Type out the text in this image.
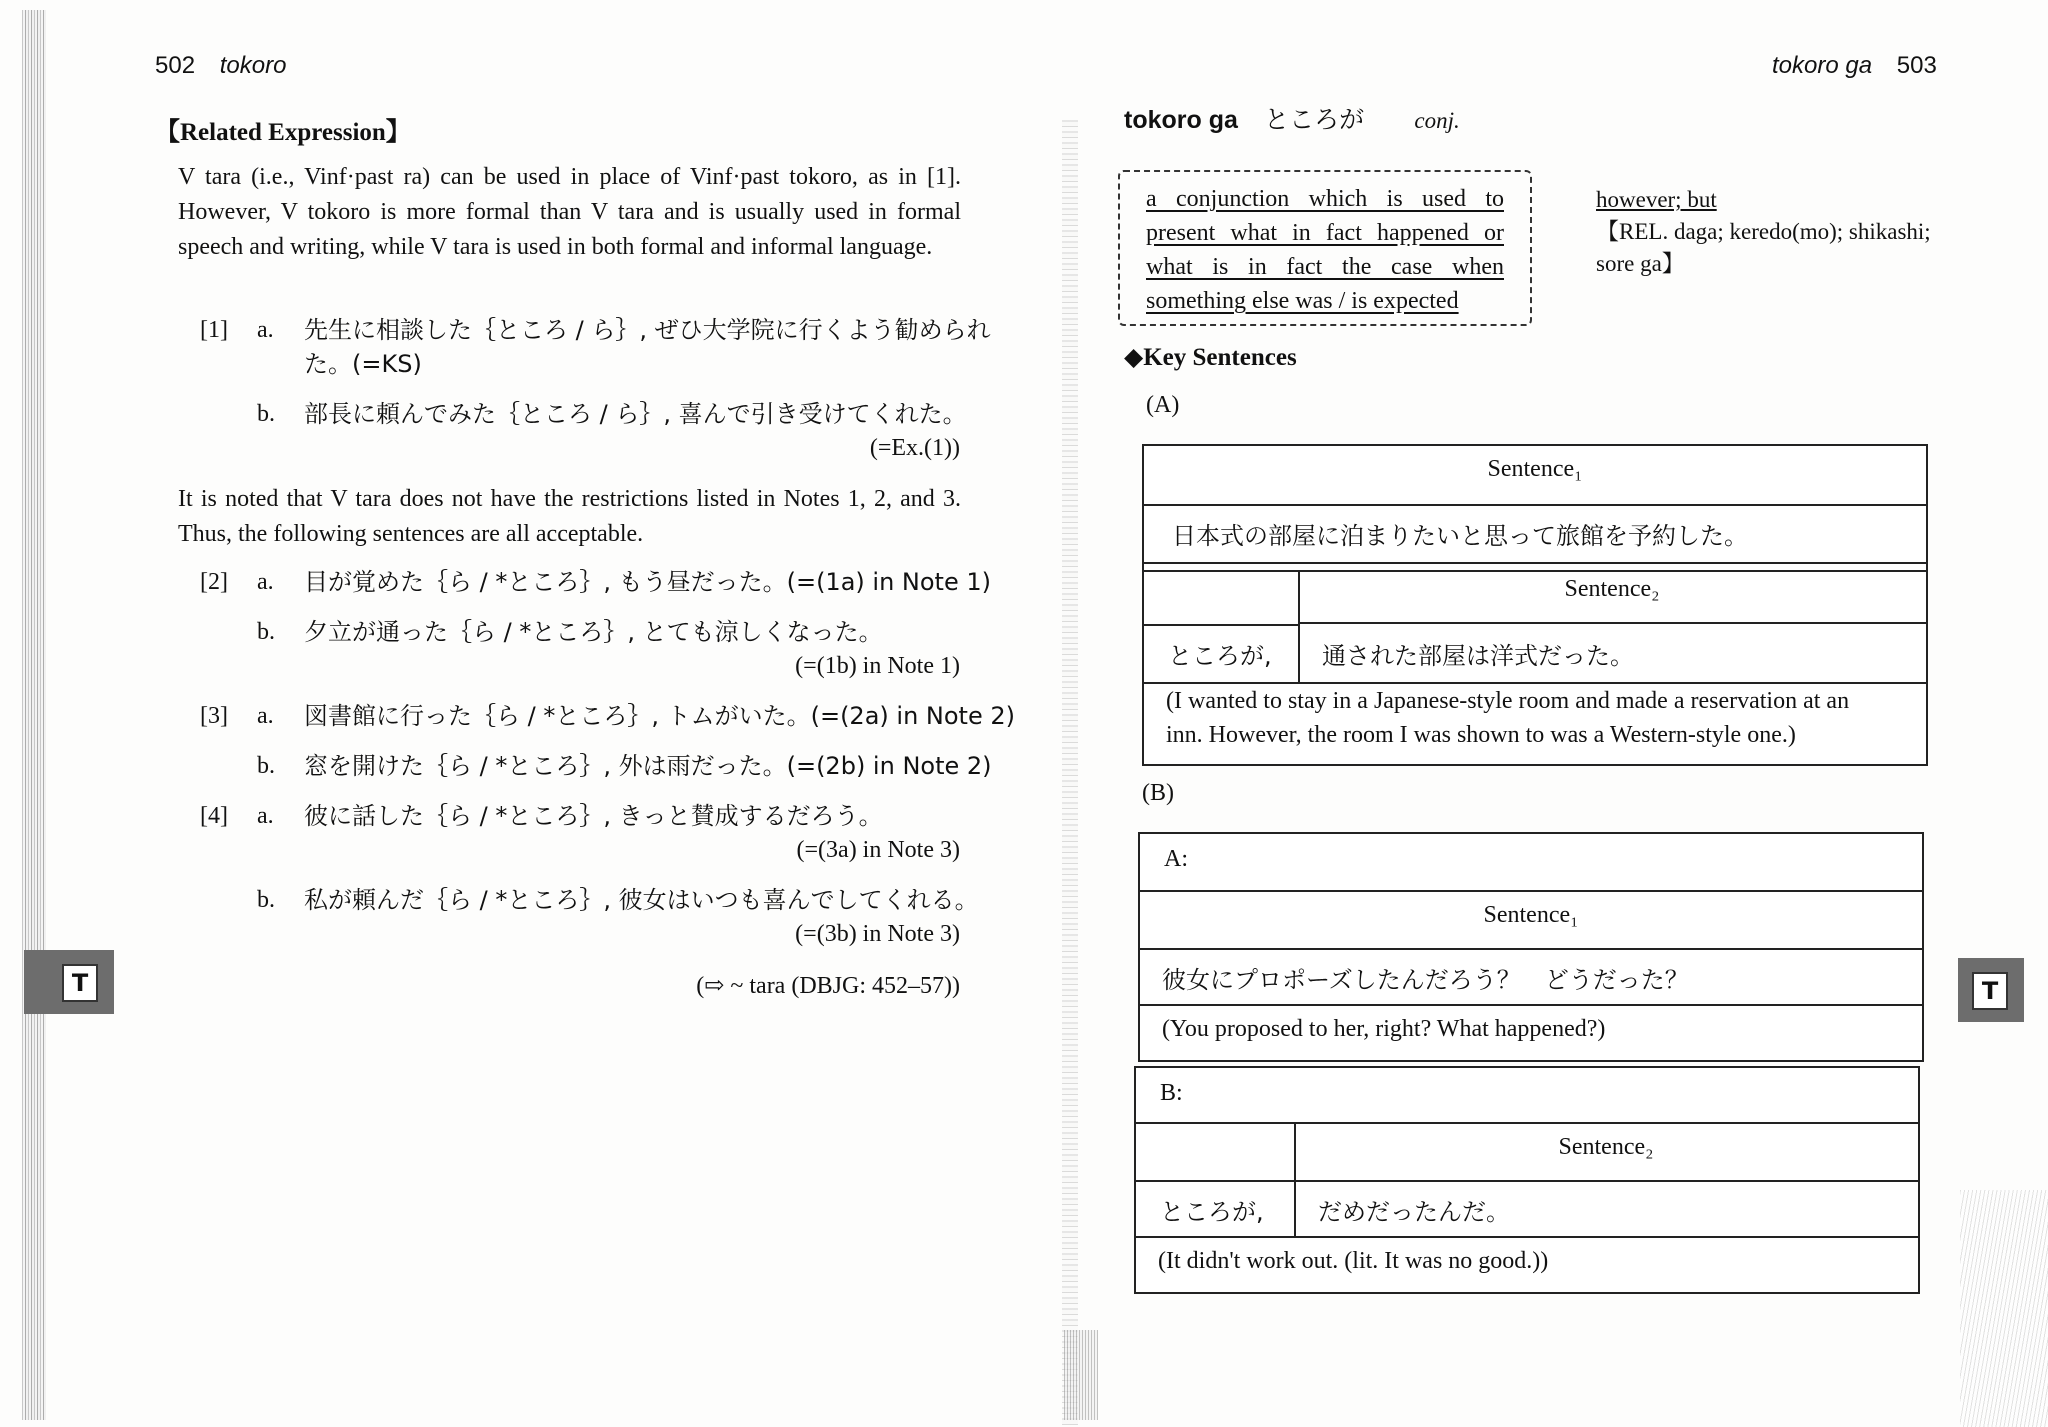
502 tokoro
【Related Expression】
V tara (i.e., Vinf·past ra) can be used in place of Vinf·past tokoro, as in [1]. However, V tokoro is more formal than V tara and is usually used in formal speech and writing, while V tara is used in both formal and informal language.
[1] a. 先生に相談した｛ところ / ら｝, ぜひ大学院に行くよう勧められ
た。(=KS)
b. 部長に頼んでみた｛ところ / ら｝, 喜んで引き受けてくれた。
(=Ex.(1))
It is noted that V tara does not have the restrictions listed in Notes 1, 2, and 3. Thus, the following sentences are all acceptable.
[2] a. 目が覚めた｛ら / *ところ｝, もう昼だった。(=(1a) in Note 1)
b. 夕立が通った｛ら / *ところ｝, とても涼しくなった。
(=(1b) in Note 1)
[3] a. 図書館に行った｛ら / *ところ｝, トムがいた。(=(2a) in Note 2)
b. 窓を開けた｛ら / *ところ｝, 外は雨だった。(=(2b) in Note 2)
[4] a. 彼に話した｛ら / *ところ｝, きっと賛成するだろう。
(=(3a) in Note 3)
b. 私が頼んだ｛ら / *ところ｝, 彼女はいつも喜んでしてくれる。
(=(3b) in Note 3)
(⇨ ~ tara (DBJG: 452–57))
T
tokoro ga 503
tokoro ga ところが conj.
a conjunction which is used to present what in fact happened or what is in fact the case when something else was / is expected
however; but
【REL. daga; keredo(mo); shikashi; sore ga】
◆Key Sentences
(A)
Sentence₁
日本式の部屋に泊まりたいと思って旅館を予約した。
Sentence₂
ところが, 通された部屋は洋式だった。
(I wanted to stay in a Japanese-style room and made a reservation at an
inn. However, the room I was shown to was a Western-style one.)
(B)
A:
Sentence₁
彼女にプロポーズしたんだろう？　どうだった？
(You proposed to her, right? What happened?)
B:
Sentence₂
ところが, だめだったんだ。
(It didn't work out. (lit. It was no good.))
T
